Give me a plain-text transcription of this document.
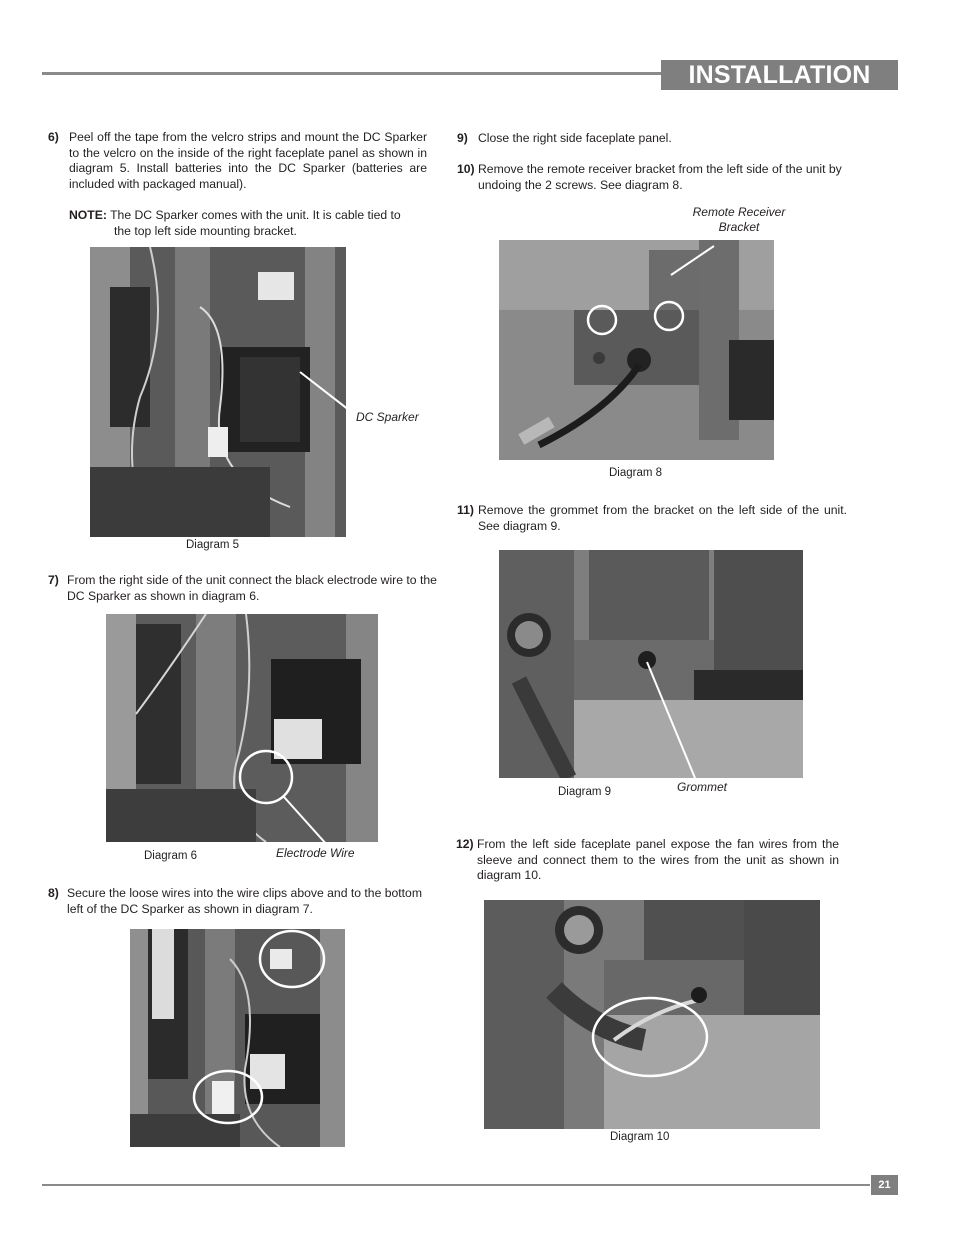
INSTALLATION
6) Peel off the tape from the velcro strips and mount the DC Sparker to the velcro on the inside of the right faceplate panel as shown in diagram 5. Install batteries into the DC Sparker (batteries are included with packaged manual).
NOTE: The DC Sparker comes with the unit. It is cable tied to
the top left side mounting bracket.
DC Sparker
Diagram 5
7) From the right side of the unit connect the black electrode wire to the DC Sparker as shown in diagram 6.
Diagram 6	Electrode Wire
8) Secure the loose wires into the wire clips above and to the bottom left of the DC Sparker as shown in diagram 7.
9) Close the right side faceplate panel.
10) Remove the remote receiver bracket from the left side of the unit by undoing the 2 screws. See diagram 8.
Remote Receiver
Bracket
Diagram 8
11) Remove the grommet from the bracket on the left side of the unit. See diagram 9.
Diagram 9	Grommet
12) From the left side faceplate panel expose the fan wires from the sleeve and connect them to the wires from the unit as shown in diagram 10.
Diagram 10
21
